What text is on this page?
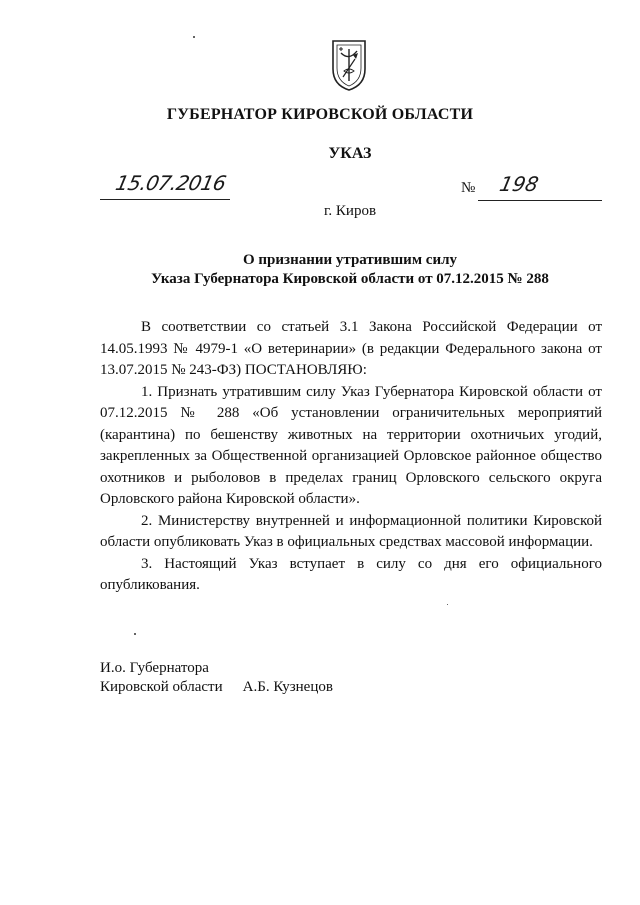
ГУБЕРНАТОР КИРОВСКОЙ ОБЛАСТИ
УКАЗ
15.07.2016	№ 198
г. Киров
О признании утратившим силу
Указа Губернатора Кировской области от 07.12.2015 № 288

В соответствии со статьей 3.1 Закона Российской Федерации от 14.05.1993 № 4979-1 «О ветеринарии» (в редакции Федерального закона от 13.07.2015 № 243-ФЗ) ПОСТАНОВЛЯЮ:

1. Признать утратившим силу Указ Губернатора Кировской области от 07.12.2015 № 288 «Об установлении ограничительных мероприятий (карантина) по бешенству животных на территории охотничьих угодий, закрепленных за Общественной организацией Орловское районное общество охотников и рыболовов в пределах границ Орловского сельского округа Орловского района Кировской области».

2. Министерству внутренней и информационной политики Кировской области опубликовать Указ в официальных средствах массовой информации.

3. Настоящий Указ вступает в силу со дня его официального опубликования.

И.о. Губернатора
Кировской области А.Б. Кузнецов
